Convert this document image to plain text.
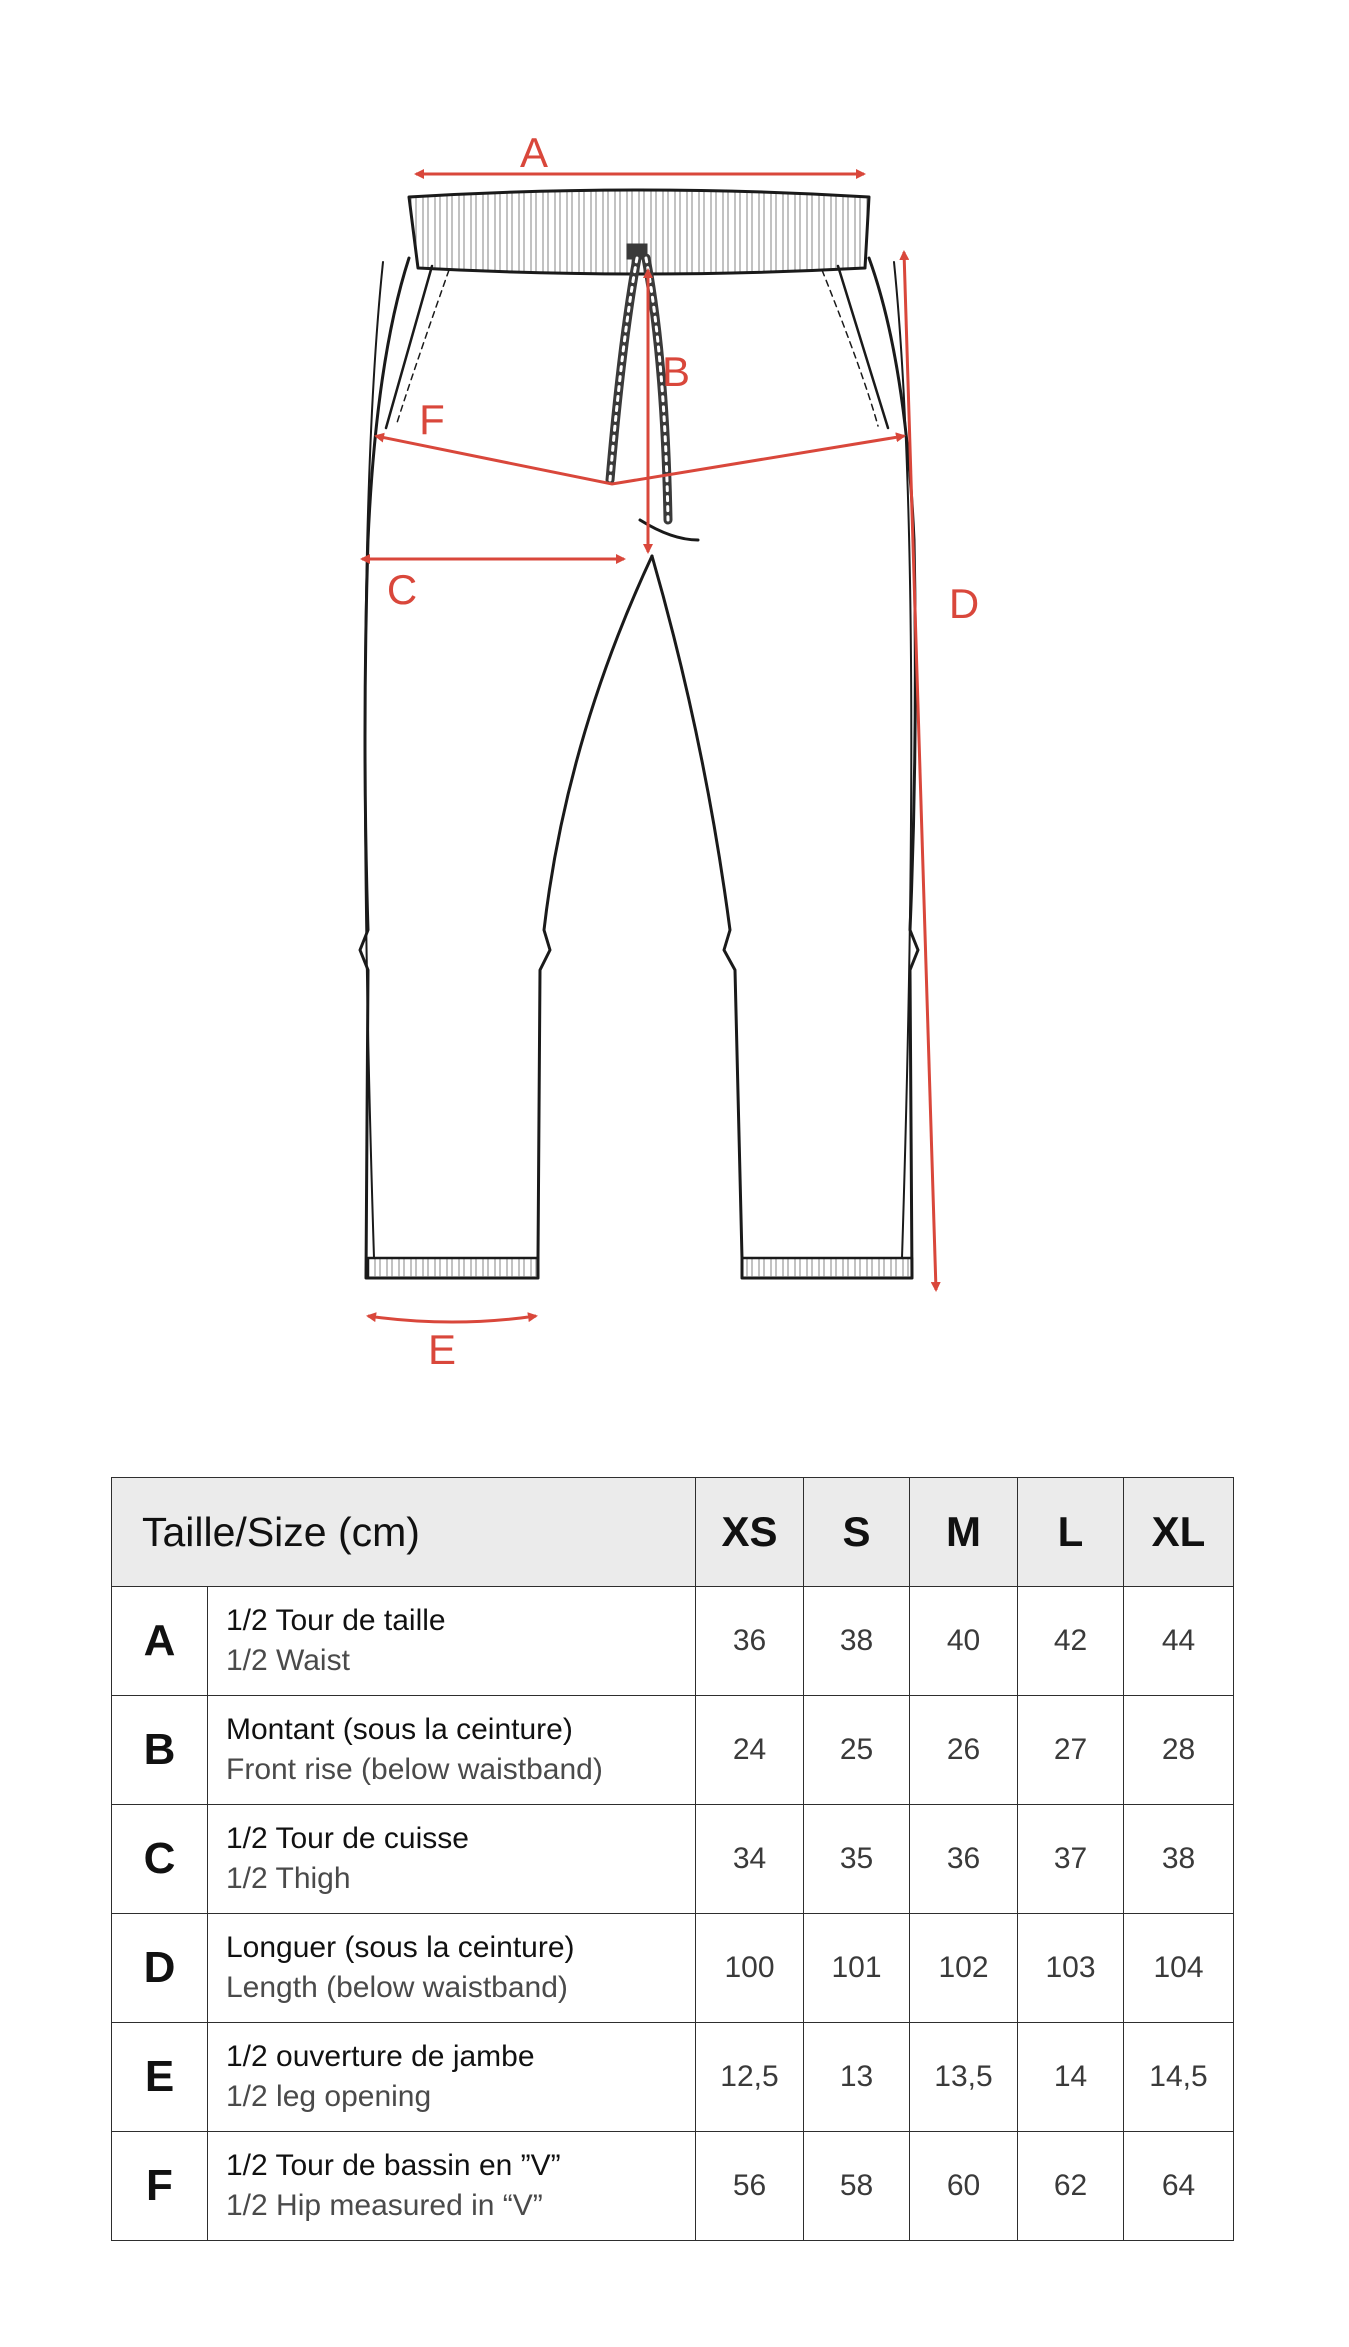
A
B
F
C	D
E
Taille/Size (cm)		XS	S	M	L	XL
A	1/2 Tour de taille
1/2 Waist	36	38	40	42	44
B	Montant (sous la ceinture)
Front rise (below waistband)	24	25	26	27	28
C	1/2 Tour de cuisse
1/2 Thigh	34	35	36	37	38
D	Longuer (sous la ceinture)
Length (below waistband)	100	101	102	103	104
E	1/2 ouverture de jambe
1/2 leg opening	12,5	13	13,5	14	14,5
F	1/2 Tour de bassin en ”V”
1/2 Hip measured in “V”	56	58	60	62	64
